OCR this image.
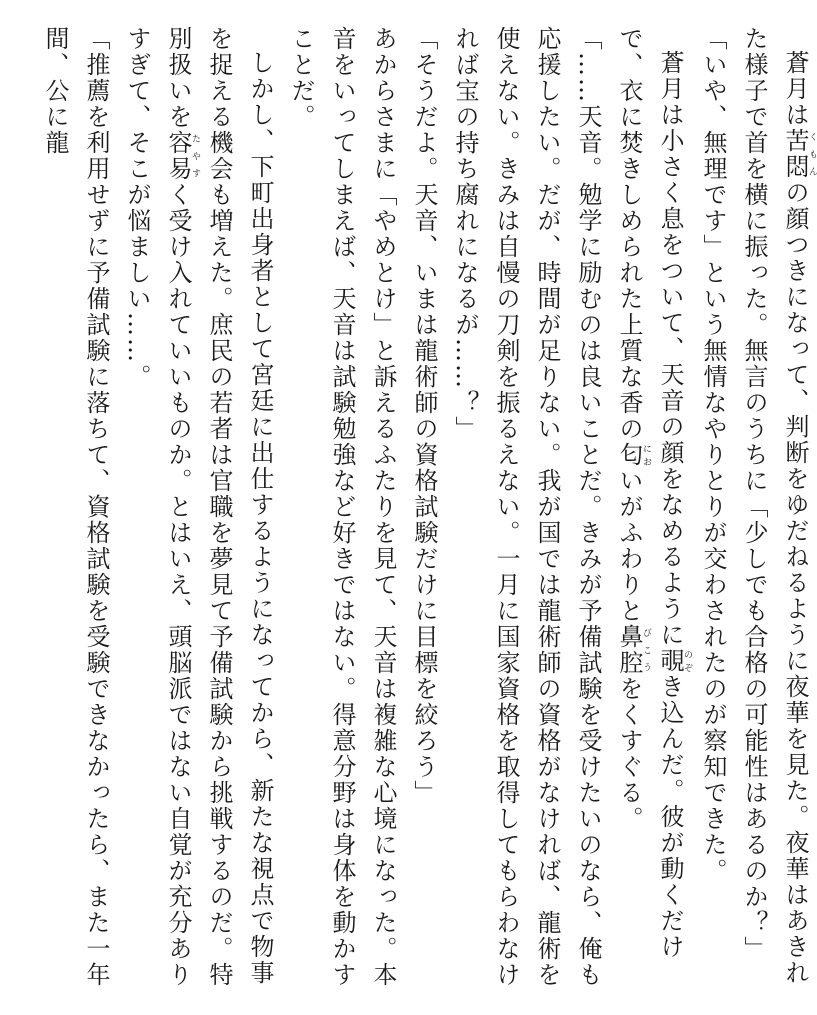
蒼月は苦悶くもんの顔つきになって、判断をゆだねるように夜華を見た。夜華はあきれた様子で首を横に振った。無言のうちに「少しでも合格の可能性はあるのか？」「いや、無理です」という無情なやりとりが交わされたのが察知できた。

蒼月は小さく息をついて、天音の顔をなめるように覗のぞき込んだ。彼が動くだけで、衣に焚きしめられた上質な香の匂においがふわりと鼻腔びこうをくすぐる。

「……天音。勉学に励むのは良いことだ。きみが予備試験を受けたいのなら、俺も応援したい。だが、時間が足りない。我が国では龍術師の資格がなければ、龍術を使えない。きみは自慢の刀剣を振るえない。一月に国家資格を取得してもらわなければ宝の持ち腐れになるが……？」

「そうだよ。天音、いまは龍術師の資格試験だけに目標を絞ろう」

あからさまに「やめとけ」と訴えるふたりを見て、天音は複雑な心境になった。本音をいってしまえば、天音は試験勉強など好きではない。得意分野は身体を動かすことだ。

しかし、下町出身者として宮廷に出仕するようになってから、新たな視点で物事を捉える機会も増えた。庶民の若者は官職を夢見て予備試験から挑戦するのだ。特別扱いを容易たやすく受け入れていいものか。とはいえ、頭脳派ではない自覚が充分ありすぎて、そこが悩ましい……。

「推薦を利用せずに予備試験に落ちて、資格試験を受験できなかったら、また一年間、公に龍
